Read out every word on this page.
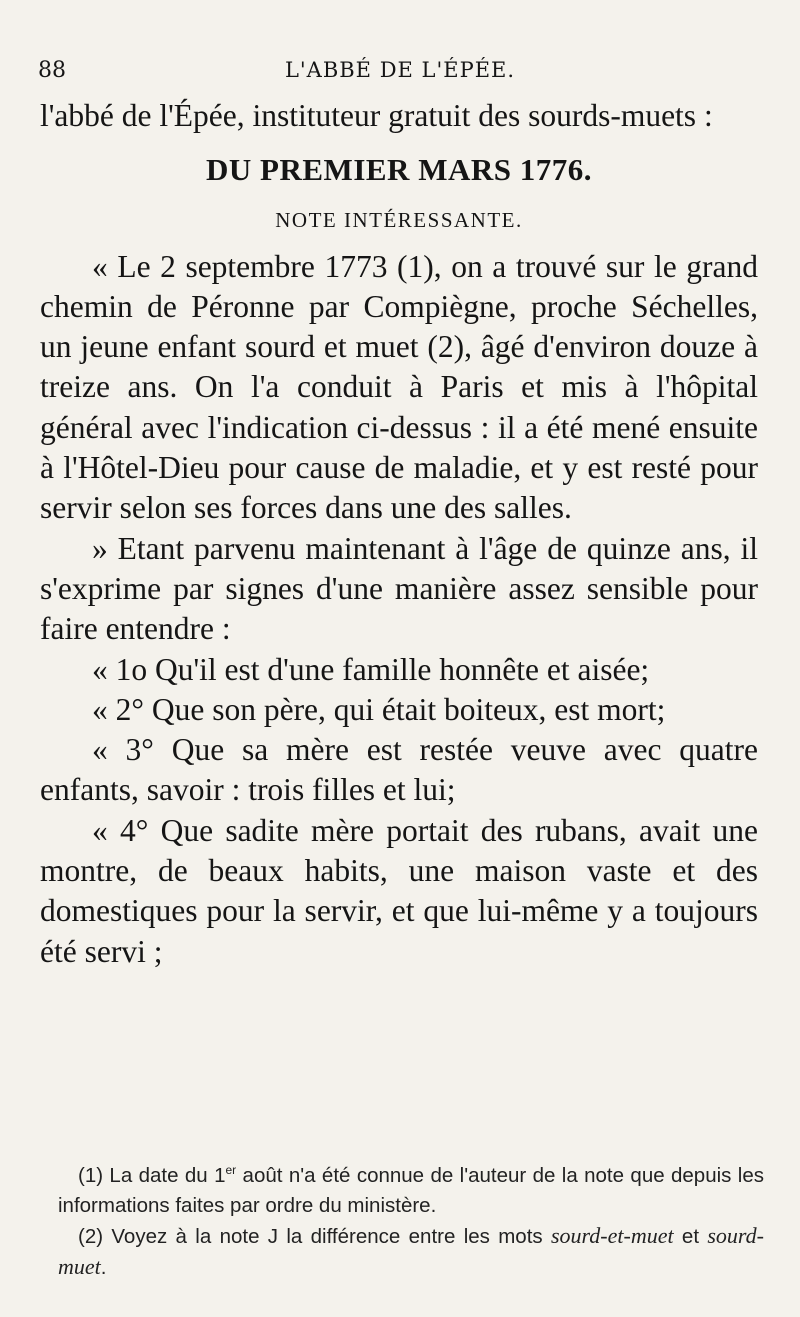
88	L'ABBÉ DE L'ÉPÉE.

l'abbé de l'Épée, instituteur gratuit des sourds-muets :

DU PREMIER MARS 1776.

NOTE INTÉRESSANTE.

« Le 2 septembre 1773 (1), on a trouvé sur le grand chemin de Péronne par Compiègne, proche Séchelles, un jeune enfant sourd et muet (2), âgé d'environ douze à treize ans. On l'a conduit à Paris et mis à l'hôpital général avec l'indication ci-dessus : il a été mené ensuite à l'Hôtel-Dieu pour cause de maladie, et y est resté pour servir selon ses forces dans une des salles.

» Etant parvenu maintenant à l'âge de quinze ans, il s'exprime par signes d'une manière assez sensible pour faire entendre :

« 1o Qu'il est d'une famille honnête et aisée;

« 2° Que son père, qui était boiteux, est mort;

« 3° Que sa mère est restée veuve avec quatre enfants, savoir : trois filles et lui;

« 4° Que sadite mère portait des rubans, avait une montre, de beaux habits, une maison vaste et des domestiques pour la servir, et que lui-même y a toujours été servi ;

(1) La date du 1er août n'a été connue de l'auteur de la note que depuis les informations faites par ordre du ministère.

(2) Voyez à la note J la différence entre les mots sourd-et-muet et sourd-muet.
